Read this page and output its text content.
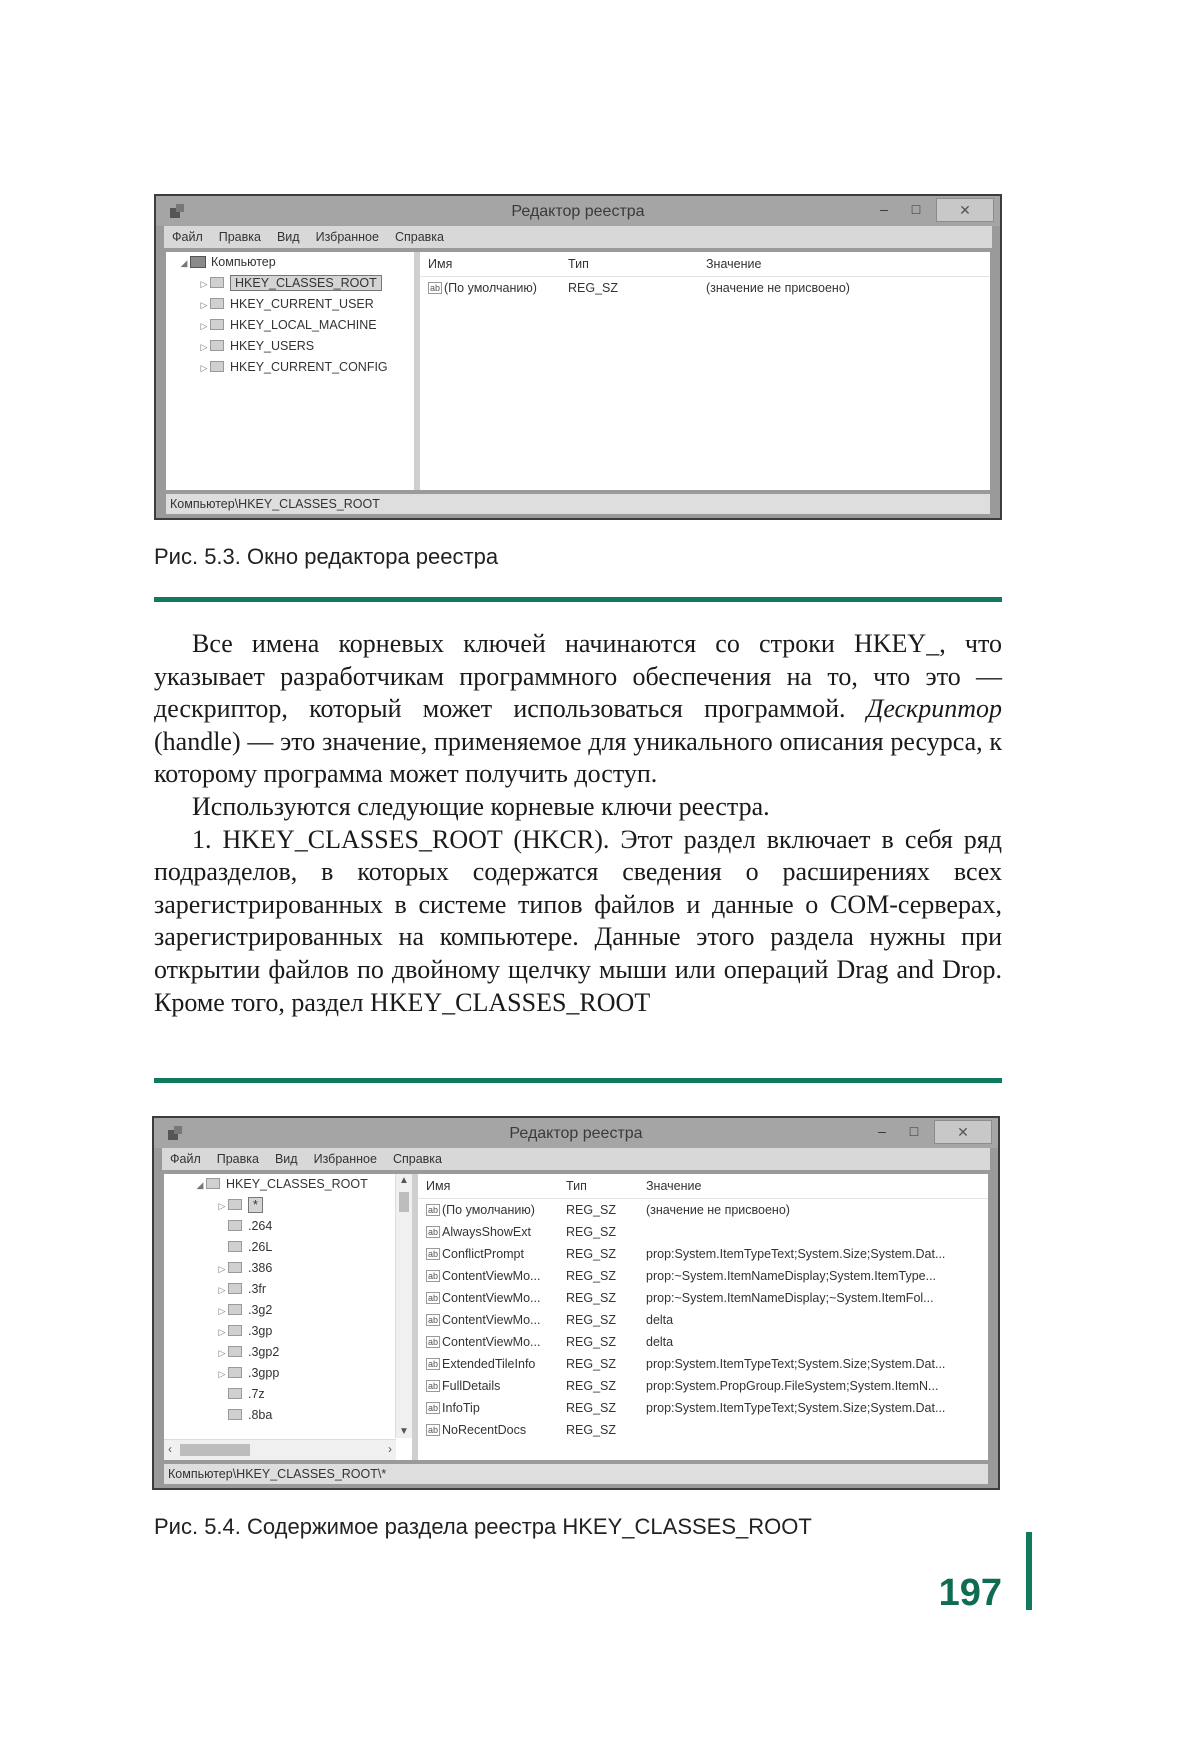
Редактор реестра	–	□	✕
Файл Правка Вид Избранное Справка
◢ Компьютер
▷ HKEY_CLASSES_ROOT
▷ HKEY_CURRENT_USER
▷ HKEY_LOCAL_MACHINE
▷ HKEY_USERS
▷ HKEY_CURRENT_CONFIG
Имя	Тип	Значение
ab (По умолчанию)	REG_SZ	(значение не присвоено)
Компьютер\HKEY_CLASSES_ROOT
Рис. 5.3. Окно редактора реестра

Все имена корневых ключей начинаются со строки HKEY_, что указывает разработчикам программного обеспечения на то, что это — дескриптор, который может использоваться программой. Дескриптор (handle) — это значение, применяемое для уникального описания ресурса, к которому программа может получить доступ.

Используются следующие корневые ключи реестра.

1. HKEY_CLASSES_ROOT (HKCR). Этот раздел включает в себя ряд подразделов, в которых содержатся сведения о расширениях всех зарегистрированных в системе типов файлов и данные о COM-серверах, зарегистрированных на компьютере. Данные этого раздела нужны при открытии файлов по двойному щелчку мыши или операций Drag and Drop. Кроме того, раздел HKEY_CLASSES_ROOT

Редактор реестра	–	□	✕
Файл Правка Вид Избранное Справка
◢ HKEY_CLASSES_ROOT
▷ *
.264
.26L
▷ .386
▷ .3fr
▷ .3g2
▷ .3gp
▷ .3gp2
▷ .3gpp
.7z
.8ba
▲
▼
‹	›
Имя	Тип	Значение
ab (По умолчанию)	REG_SZ	(значение не присвоено)
ab AlwaysShowExt	REG_SZ
ab ConflictPrompt	REG_SZ	prop:System.ItemTypeText;System.Size;System.Dat...
ab ContentViewMo...	REG_SZ	prop:~System.ItemNameDisplay;System.ItemType...
ab ContentViewMo...	REG_SZ	prop:~System.ItemNameDisplay;~System.ItemFol...
ab ContentViewMo...	REG_SZ	delta
ab ContentViewMo...	REG_SZ	delta
ab ExtendedTileInfo	REG_SZ	prop:System.ItemTypeText;System.Size;System.Dat...
ab FullDetails	REG_SZ	prop:System.PropGroup.FileSystem;System.ItemN...
ab InfoTip	REG_SZ	prop:System.ItemTypeText;System.Size;System.Dat...
ab NoRecentDocs	REG_SZ
Компьютер\HKEY_CLASSES_ROOT\*
Рис. 5.4. Содержимое раздела реестра HKEY_CLASSES_ROOT
197
